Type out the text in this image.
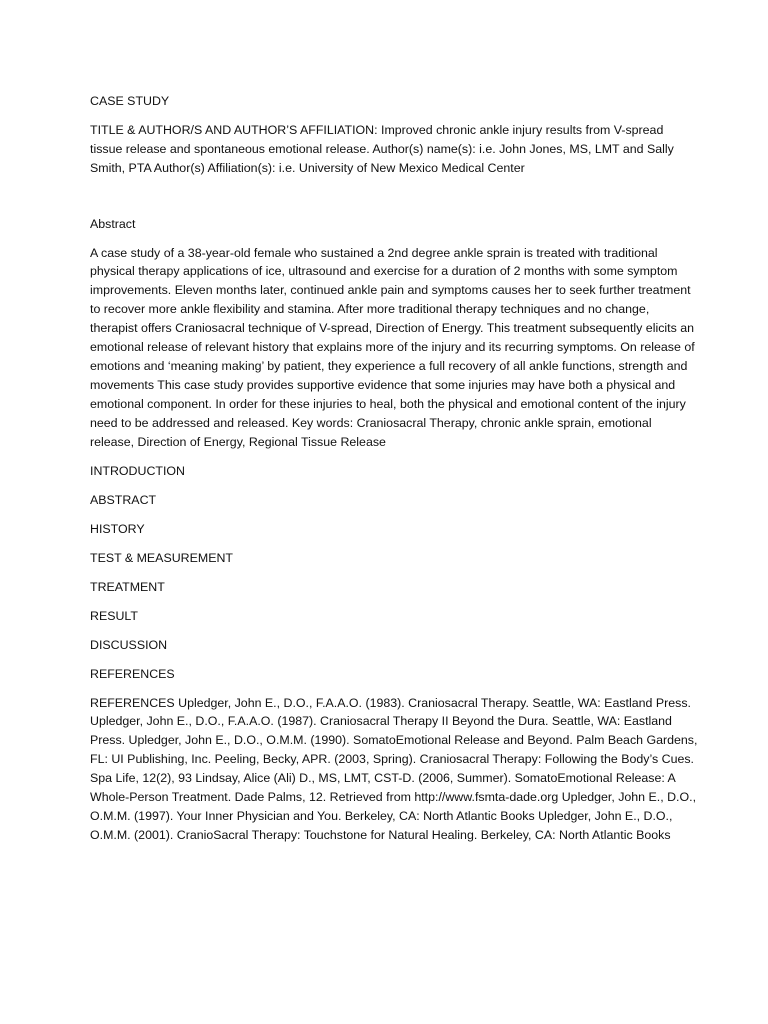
CASE STUDY

TITLE & AUTHOR/S AND AUTHOR’S AFFILIATION: Improved chronic ankle injury results from V-spread tissue release and spontaneous emotional release. Author(s) name(s): i.e. John Jones, MS, LMT and Sally Smith, PTA Author(s) Affiliation(s): i.e. University of New Mexico Medical Center

Abstract

A case study of a 38-year-old female who sustained a 2nd degree ankle sprain is treated with traditional physical therapy applications of ice, ultrasound and exercise for a duration of 2 months with some symptom improvements. Eleven months later, continued ankle pain and symptoms causes her to seek further treatment to recover more ankle flexibility and stamina. After more traditional therapy techniques and no change, therapist offers Craniosacral technique of V-spread, Direction of Energy. This treatment subsequently elicits an emotional release of relevant history that explains more of the injury and its recurring symptoms. On release of emotions and ‘meaning making’ by patient, they experience a full recovery of all ankle functions, strength and movements This case study provides supportive evidence that some injuries may have both a physical and emotional component. In order for these injuries to heal, both the physical and emotional content of the injury need to be addressed and released. Key words: Craniosacral Therapy, chronic ankle sprain, emotional release, Direction of Energy, Regional Tissue Release

INTRODUCTION
ABSTRACT
HISTORY
TEST & MEASUREMENT
TREATMENT
RESULT
DISCUSSION
REFERENCES

REFERENCES Upledger, John E., D.O., F.A.A.O. (1983). Craniosacral Therapy. Seattle, WA: Eastland Press. Upledger, John E., D.O., F.A.A.O. (1987). Craniosacral Therapy II Beyond the Dura. Seattle, WA: Eastland Press. Upledger, John E., D.O., O.M.M. (1990). SomatoEmotional Release and Beyond. Palm Beach Gardens, FL: UI Publishing, Inc. Peeling, Becky, APR. (2003, Spring). Craniosacral Therapy: Following the Body’s Cues. Spa Life, 12(2), 93 Lindsay, Alice (Ali) D., MS, LMT, CST-D. (2006, Summer). SomatoEmotional Release: A Whole-Person Treatment. Dade Palms, 12. Retrieved from http://www.fsmta-dade.org Upledger, John E., D.O., O.M.M. (1997). Your Inner Physician and You. Berkeley, CA: North Atlantic Books Upledger, John E., D.O., O.M.M. (2001). CranioSacral Therapy: Touchstone for Natural Healing. Berkeley, CA: North Atlantic Books
